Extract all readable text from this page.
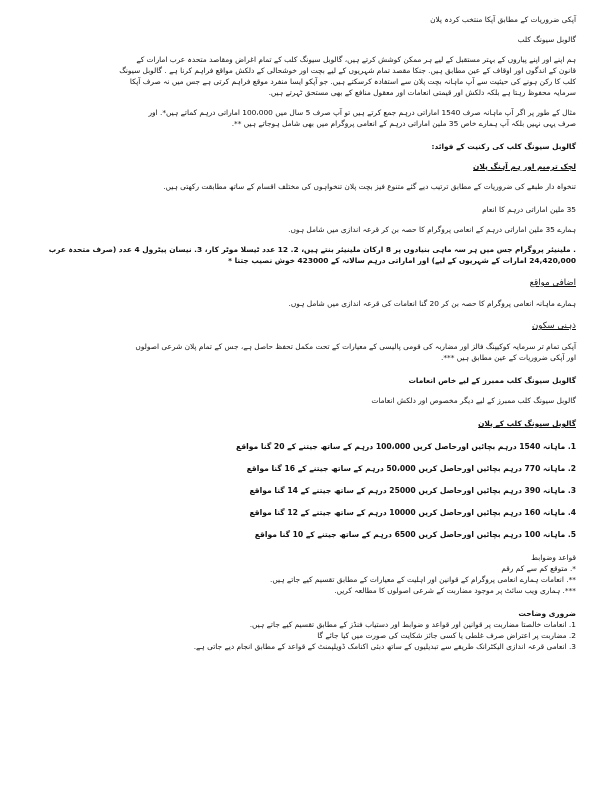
آپکی ضروریات کے مطابق آپکا منتخب کردہ پلان

گالوبل سیونگ کلب

ہم اپنے اور اپنے پیاروں کے بہتر مستقبل کے لیے ہر ممکن کوشش کرتے ہیں، گالوبل سیونگ کلب کے تمام اغراض ومقاصد متحدہ عرب امارات کے

قانون کے اندگوں اور اوقاف کے عین مطابق ہیں. جنکا مقصد تمام شہریوں کے لیے بچت اور خوشحالی کے دلکش مواقع فراہم کرنا ہے . گالوبل سیونگ

کلب کا رکن ہونے کی حیثیت سے آپ ماہانہ بچت پلان سے استفادہ کرسکتے ہیں. جو آپکو ایسا منفرد موقع فراہم کرتی ہے جس میں نہ صرف آپکا

سرمایہ محفوظ رہتا ہے بلکہ دلکش اور قیمتی انعامات اور معقول منافع کے بھی مستحق ٹہرتے ہیں.

مثال کے طور پر اگر آپ ماہانہ صرف 1540 اماراتی درہم جمع کرتے ہیں تو آپ صرف 5 سال میں 100،000 اماراتی درہم کماتے ہیں*. اور

صرف یہی نہیں بلکہ آپ ہمارے خاص 35 ملین اماراتی درہم کے انعامی پروگرام میں بھی شامل ہوجاتے ہیں **.

گالوبل سیونگ کلب کی رکنیت کے فوائد:

لچک ترمیم اور ہم آہنگ پلان

تنخواہ دار طبقے کی ضروریات کے مطابق ترتیب دیے گئے متنوع فیز بچت پلان تنخواہوں کی مختلف اقسام کے ساتھ مطابقت رکھتی ہیں.

35 ملین اماراتی درہم کا انعام

ہمارے 35 ملین اماراتی درہم کے انعامی پروگرام کا حصہ بن کر قرعہ اندازی میں شامل ہوں.

. ملینیئر پروگرام جس میں ہر سہ ماہی بنیادوں پر 8 ارکان ملینیئر بنتے ہیں، 2. 12 عدد ٹیسلا موٹر کار، 3. نیسان پیٹرول 4 عدد (صرف متحدہ عرب

24,420,000 امارات کے شہریوں کے لیے) اور اماراتی درہم سالانہ کے 423000 خوش نصیب جتنا *

اضافی مواقع

ہمارے ماہانہ انعامی پروگرام کا حصہ بن کر 20 گنا انعامات کی قرعہ اندازی میں شامل ہوں.

ذہنی سکون

آپکی تمام تر سرمایہ کوکیپنگ فالز اور مضاربہ کی قومی پالیسی کے معیارات کے تحت مکمل تحفظ حاصل ہے، جس کے تمام پلان شرعی اصولوں

اور آپکی ضروریات کے عین مطابق ہیں ***.

گالوبل سیونگ کلب ممبرز کے لیے خاص انعامات

گالوبل سیونگ کلب ممبرز کے لیے دیگر مخصوص اور دلکش انعامات

گالوبل سیونگ کلب کے پلان

1. ماہانہ 1540 درہم بچائیں اورحاصل کریں 100،000 درہم کے ساتھ جیتنے کے 20 گنا مواقع

2. ماہانہ 770 درہم بچائیں اورحاصل کریں 50،000 درہم کے ساتھ جیتنے کے 16 گنا مواقع

3. ماہانہ 390 درہم بچائیں اورحاصل کریں 25000 درہم کے ساتھ جیتنے کے 14 گنا مواقع

4. ماہانہ 160 درہم بچائیں اورحاصل کریں 10000 درہم کے ساتھ جیتنے کے 12 گنا مواقع

5. ماہانہ 100 درہم بچائیں اورحاصل کریں 6500 درہم کے ساتھ جیتنے کے 10 گنا مواقع

قواعد وضوابط

*. متوقع کم سے کم رقم

**. انعامات ہمارے انعامی پروگرام کے قوانین اور اہلیت کے معیارات کے مطابق تقسیم کیے جاتے ہیں.

***. ہماری ویب سائٹ پر موجود مضاربت کے شرعی اصولوں کا مطالعہ کریں.

ضروری وضاحت

1. انعامات خالصتا مضاربت پر قوانین اور قواعد و ضوابط اور دستیاب فنڈز کے مطابق تقسیم کیے جاتے ہیں.

2. مضاربت پر اعتراض صرف غلطی یا کسی جائز شکایت کی صورت میں کیا جائے گا

3. انعامی قرعہ اندازی الیکٹرانک طریقے سے تبدیلیوں کے ساتھ دبئی اکنامک ڈویلپمنٹ کے قواعد کے مطابق انجام دیے جاتی ہے.
